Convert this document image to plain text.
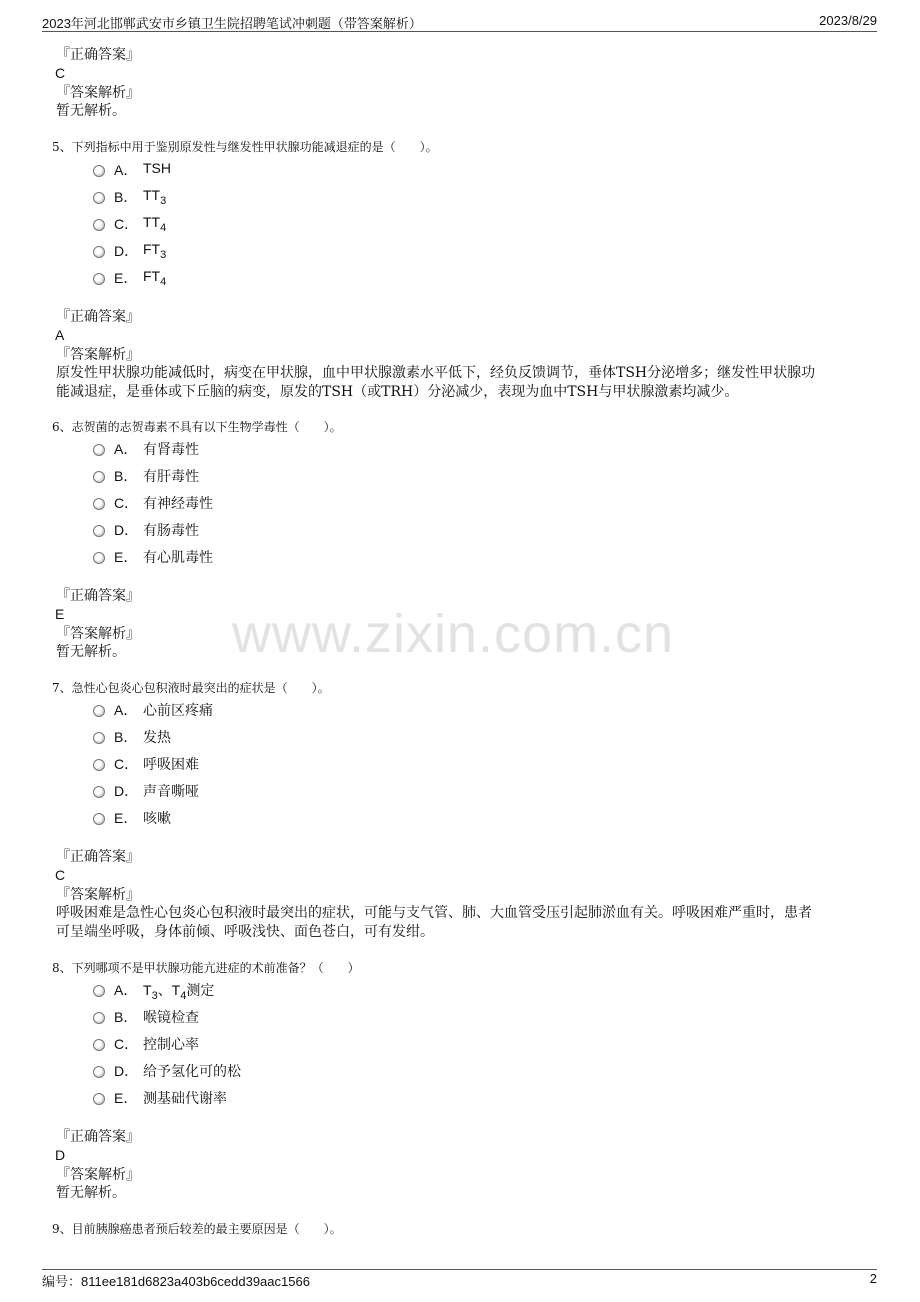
2023年河北邯郸武安市乡镇卫生院招聘笔试冲刺题（带答案解析）	2023/8/29
www.zixin.com.cn
『正确答案』
C
『答案解析』
暂无解析。
5、下列指标中用于鉴别原发性与继发性甲状腺功能减退症的是（　　）。
A． TSH
B． $TT_3$
C． $TT_4$
D． $FT_3$
E． $FT_4$
『正确答案』
A
『答案解析』
原发性甲状腺功能减低时，病变在甲状腺，血中甲状腺激素水平低下，经负反馈调节，垂体TSH分泌增多；继发性甲状腺功
能减退症，是垂体或下丘脑的病变，原发的TSH（或TRH）分泌减少，表现为血中TSH与甲状腺激素均减少。
6、志贺菌的志贺毒素不具有以下生物学毒性（　　）。
A． 有肾毒性
B． 有肝毒性
C． 有神经毒性
D． 有肠毒性
E． 有心肌毒性
『正确答案』
E
『答案解析』
暂无解析。
7、急性心包炎心包积液时最突出的症状是（　　）。
A． 心前区疼痛
B． 发热
C． 呼吸困难
D． 声音嘶哑
E． 咳嗽
『正确答案』
C
『答案解析』
呼吸困难是急性心包炎心包积液时最突出的症状，可能与支气管、肺、大血管受压引起肺淤血有关。呼吸困难严重时，患者
可呈端坐呼吸，身体前倾、呼吸浅快、面色苍白，可有发绀。
8、下列哪项不是甲状腺功能亢进症的术前准备？（　　）
A． $T_3$、$T_4$测定
B． 喉镜检查
C． 控制心率
D． 给予氢化可的松
E． 测基础代谢率
『正确答案』
D
『答案解析』
暂无解析。
9、目前胰腺癌患者预后较差的最主要原因是（　　）。
编号：811ee181d6823a403b6cedd39aac1566	2
